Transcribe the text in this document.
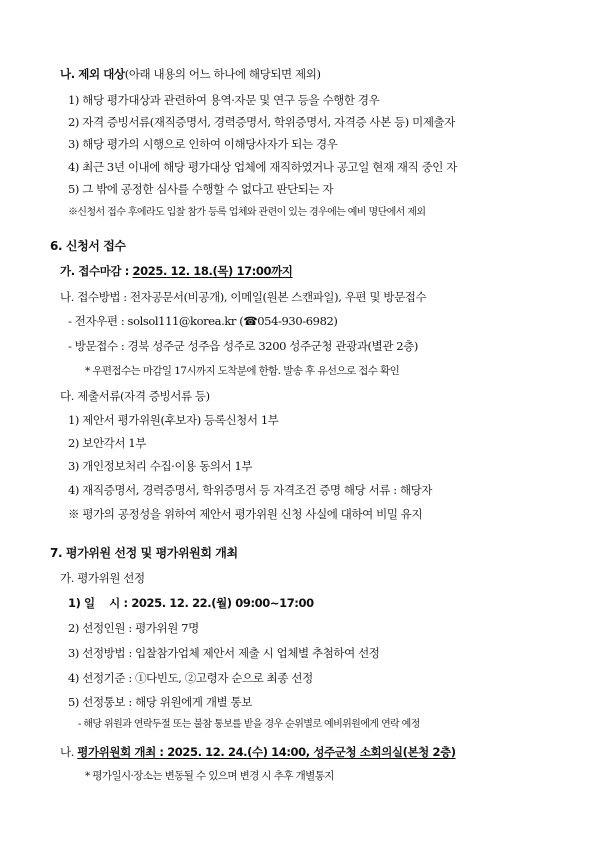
나. 제외 대상(아래 내용의 어느 하나에 해당되면 제외)
1) 해당 평가대상과 관련하여 용역·자문 및 연구 등을 수행한 경우
2) 자격 증빙서류(재직증명서, 경력증명서, 학위증명서, 자격증 사본 등) 미제출자
3) 해당 평가의 시행으로 인하여 이해당사자가 되는 경우
4) 최근 3년 이내에 해당 평가대상 업체에 재직하였거나 공고일 현재 재직 중인 자
5) 그 밖에 공정한 심사를 수행할 수 없다고 판단되는 자
※신청서 접수 후에라도 입찰 참가 등록 업체와 관련이 있는 경우에는 예비 명단에서 제외
6. 신청서 접수
가. 접수마감 : 2025. 12. 18.(목) 17:00까지
나. 접수방법 : 전자공문서(비공개), 이메일(원본 스캔파일), 우편 및 방문접수
- 전자우편 : solsol111@korea.kr (☎054-930-6982)
- 방문접수 : 경북 성주군 성주읍 성주로 3200 성주군청 관광과(별관 2층)
* 우편접수는 마감일 17시까지 도착분에 한함. 발송 후 유선으로 접수 확인
다. 제출서류(자격 증빙서류 등)
1) 제안서 평가위원(후보자) 등록신청서 1부
2) 보안각서 1부
3) 개인정보처리 수집·이용 동의서 1부
4) 재직증명서, 경력증명서, 학위증명서 등 자격조건 증명 해당 서류 : 해당자
※ 평가의 공정성을 위하여 제안서 평가위원 신청 사실에 대하여 비밀 유지
7. 평가위원 선정 및 평가위원회 개최
가. 평가위원 선정
1) 일    시 : 2025. 12. 22.(월) 09:00~17:00
2) 선정인원 : 평가위원 7명
3) 선정방법 : 입찰참가업체 제안서 제출 시 업체별 추첨하여 선정
4) 선정기준 : ①다빈도, ②고령자 순으로 최종 선정
5) 선정통보 : 해당 위원에게 개별 통보
- 해당 위원과 연락두절 또는 불참 통보를 받을 경우 순위별로 예비위원에게 연락 예정
나. 평가위원회 개최 : 2025. 12. 24.(수) 14:00, 성주군청 소회의실(본청 2층)
* 평가일시·장소는 변동될 수 있으며 변경 시 추후 개별통지
